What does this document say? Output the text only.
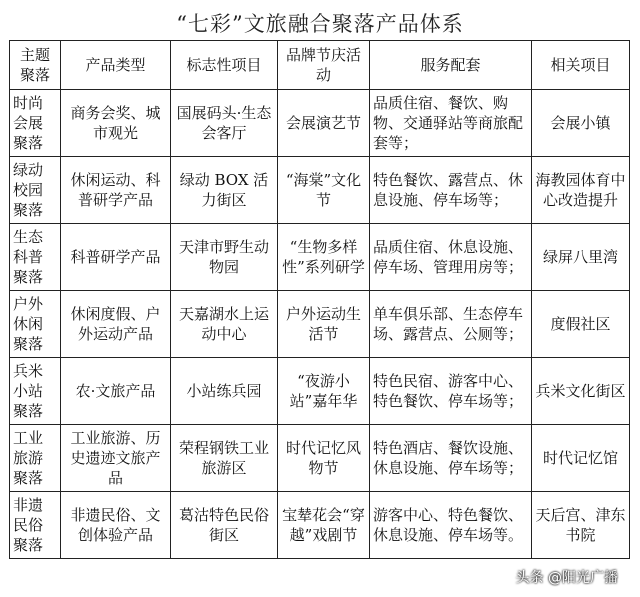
“七彩”文旅融合聚落产品体系
主题聚落	产品类型	标志性项目	品牌节庆活动	服务配套	相关项目
时尚会展聚落	商务会奖、城市观光	国展码头·生态会客厅	会展演艺节	品质住宿、餐饮、购物、交通驿站等商旅配套等；	会展小镇
绿动校园聚落	休闲运动、科普研学产品	绿动 BOX 活力街区	“海棠”文化节	特色餐饮、露营点、休息设施、停车场等；	海教园体育中心改造提升
生态科普聚落	科普研学产品	天津市野生动物园	“生物多样性”系列研学	品质住宿、休息设施、停车场、管理用房等；	绿屏八里湾
户外休闲聚落	休闲度假、户外运动产品	天嘉湖水上运动中心	户外运动生活节	单车俱乐部、生态停车场、露营点、公厕等；	度假社区
兵米小站聚落	农·文旅产品	小站练兵园	“夜游小站”嘉年华	特色民宿、游客中心、特色餐饮、停车场等；	兵米文化街区
工业旅游聚落	工业旅游、历史遗迹文旅产品	荣程钢铁工业旅游区	时代记忆风物节	特色酒店、餐饮设施、休息设施、停车场等；	时代记忆馆
非遗民俗聚落	非遗民俗、文创体验产品	葛沽特色民俗街区	宝辇花会“穿越”戏剧节	游客中心、特色餐饮、休息设施、停车场等。	天后宫、津东书院
头条 @阳光广播
